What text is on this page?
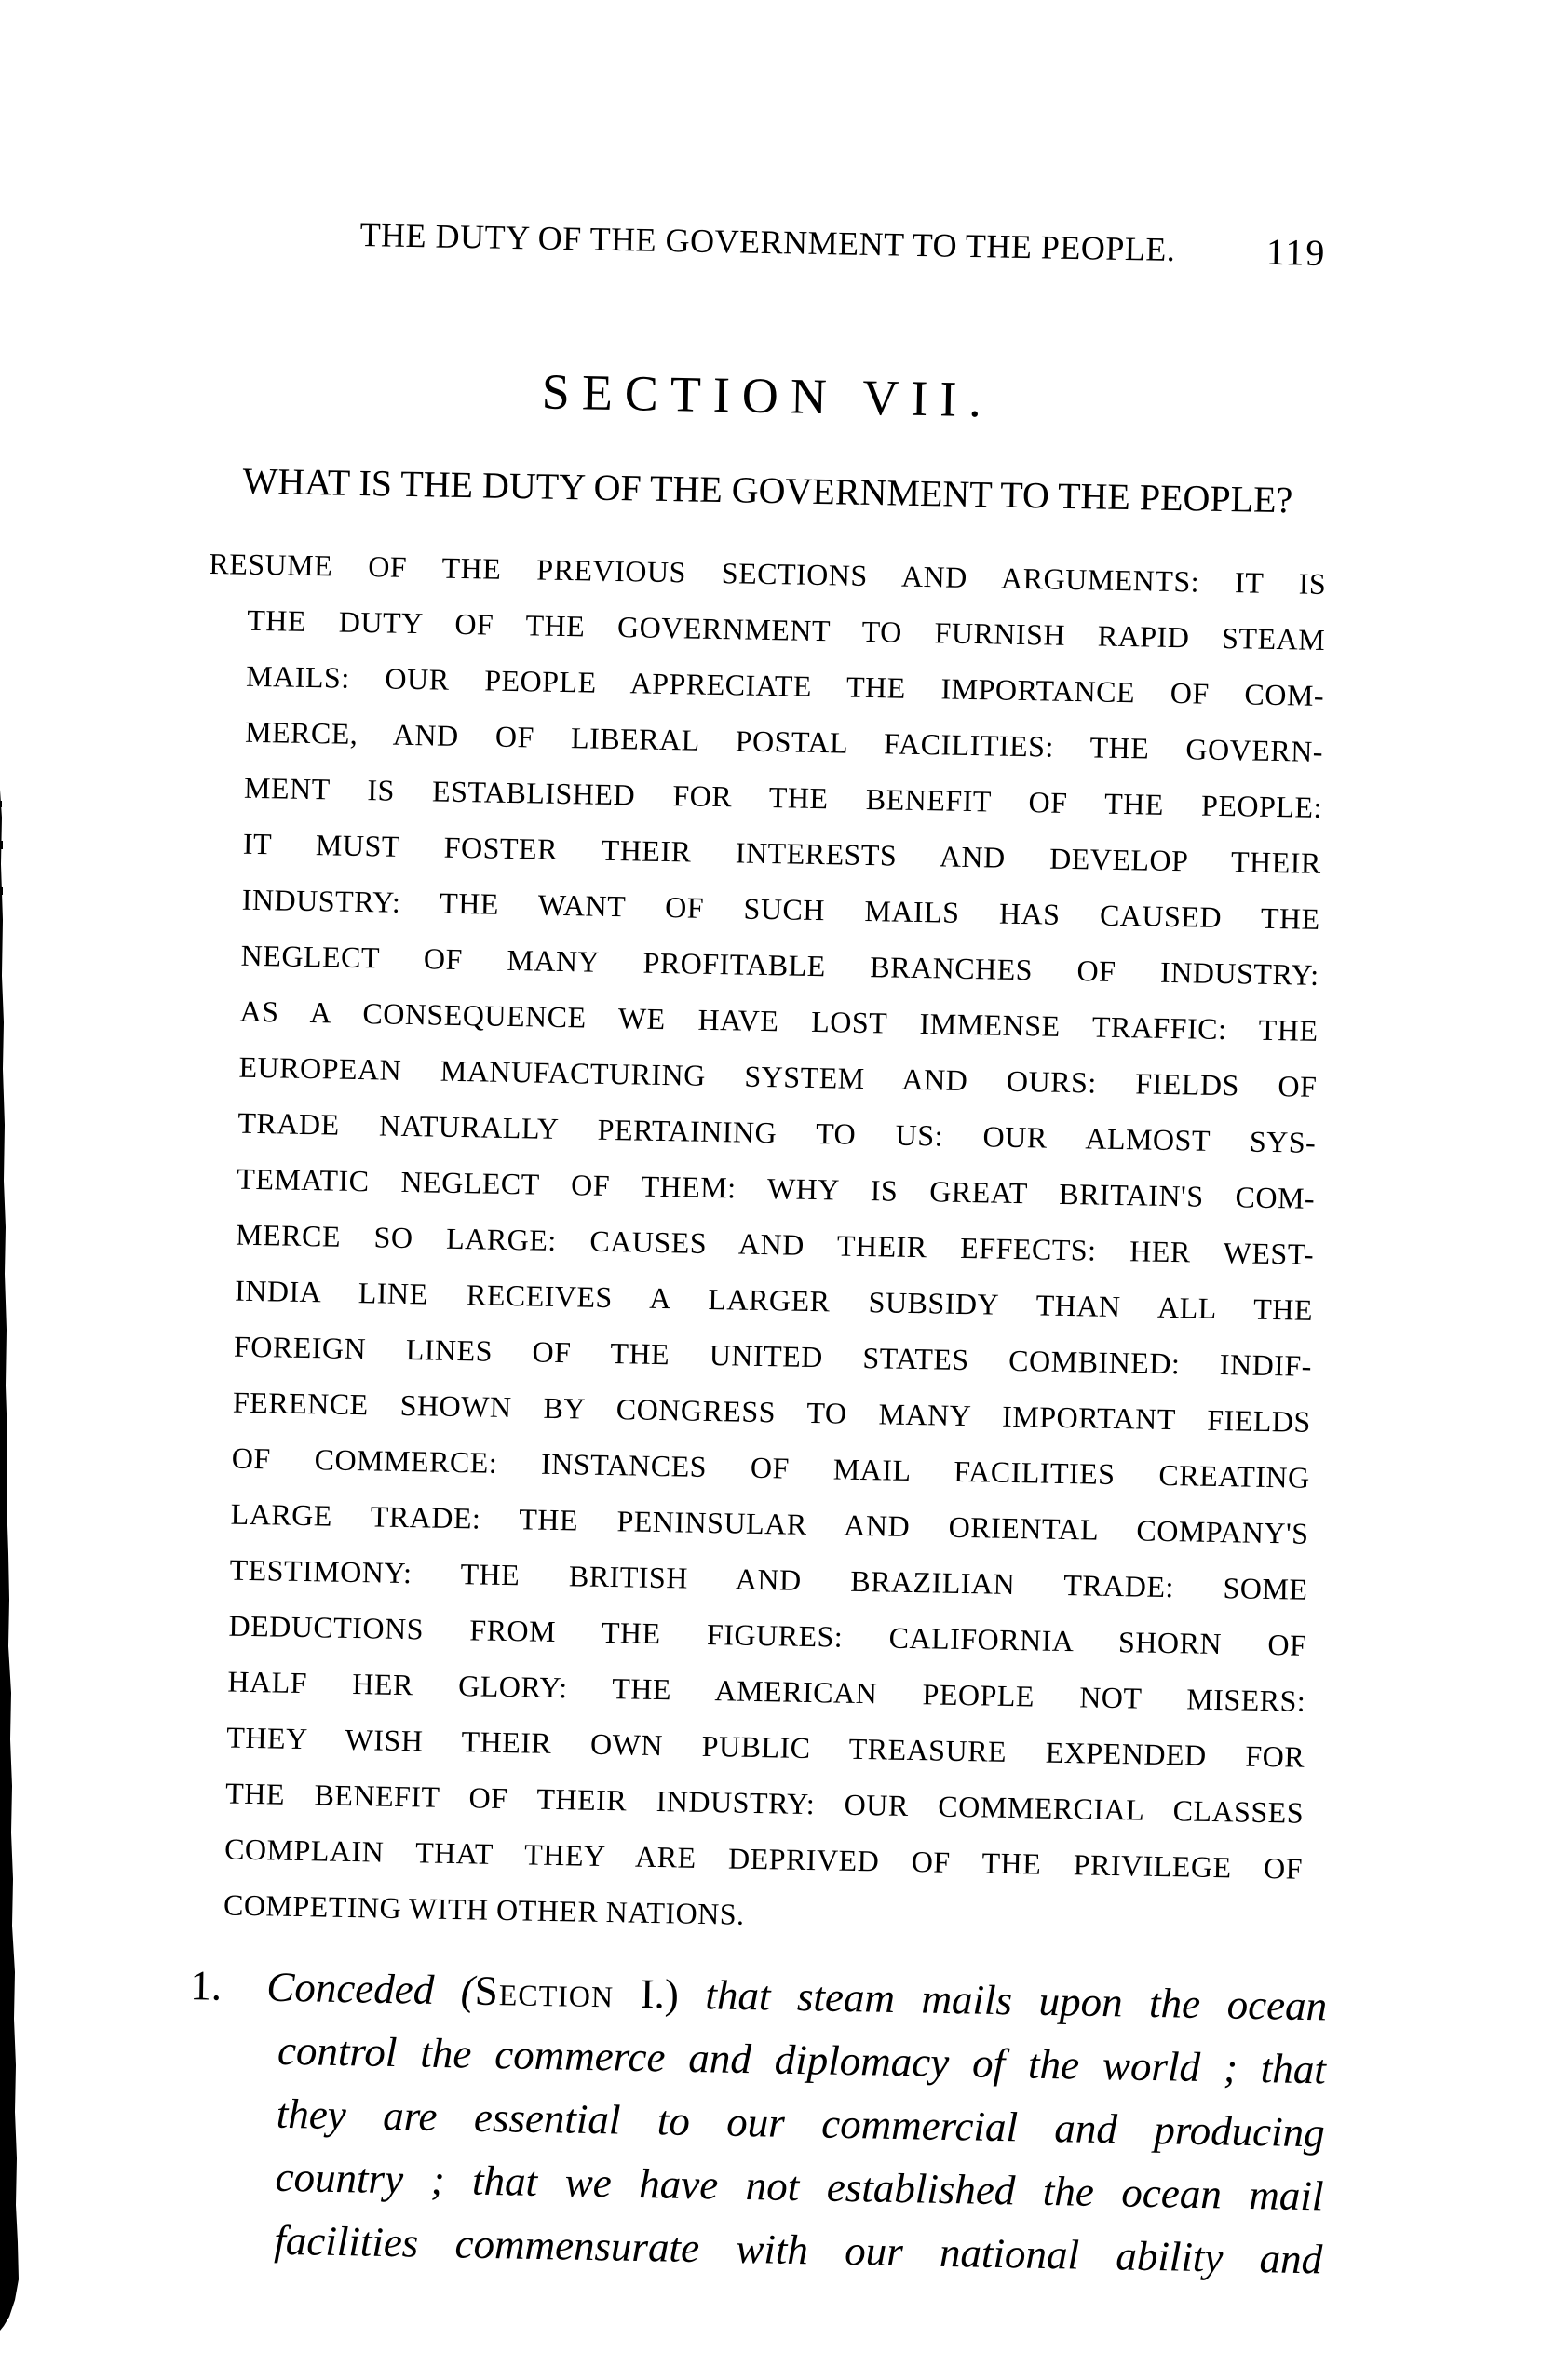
THE DUTY OF THE GOVERNMENT TO THE PEOPLE. 119
SECTION VII.
WHAT IS THE DUTY OF THE GOVERNMENT TO THE PEOPLE?
RESUME OF THE PREVIOUS SECTIONS AND ARGUMENTS: IT IS
THE DUTY OF THE GOVERNMENT TO FURNISH RAPID STEAM
MAILS: OUR PEOPLE APPRECIATE THE IMPORTANCE OF COM-
MERCE, AND OF LIBERAL POSTAL FACILITIES: THE GOVERN-
MENT IS ESTABLISHED FOR THE BENEFIT OF THE PEOPLE:
IT MUST FOSTER THEIR INTERESTS AND DEVELOP THEIR
INDUSTRY: THE WANT OF SUCH MAILS HAS CAUSED THE
NEGLECT OF MANY PROFITABLE BRANCHES OF INDUSTRY:
AS A CONSEQUENCE WE HAVE LOST IMMENSE TRAFFIC: THE
EUROPEAN MANUFACTURING SYSTEM AND OURS: FIELDS OF
TRADE NATURALLY PERTAINING TO US: OUR ALMOST SYS-
TEMATIC NEGLECT OF THEM: WHY IS GREAT BRITAIN'S COM-
MERCE SO LARGE: CAUSES AND THEIR EFFECTS: HER WEST-
INDIA LINE RECEIVES A LARGER SUBSIDY THAN ALL THE
FOREIGN LINES OF THE UNITED STATES COMBINED: INDIF-
FERENCE SHOWN BY CONGRESS TO MANY IMPORTANT FIELDS
OF COMMERCE: INSTANCES OF MAIL FACILITIES CREATING
LARGE TRADE: THE PENINSULAR AND ORIENTAL COMPANY'S
TESTIMONY: THE BRITISH AND BRAZILIAN TRADE: SOME
DEDUCTIONS FROM THE FIGURES: CALIFORNIA SHORN OF
HALF HER GLORY: THE AMERICAN PEOPLE NOT MISERS:
THEY WISH THEIR OWN PUBLIC TREASURE EXPENDED FOR
THE BENEFIT OF THEIR INDUSTRY: OUR COMMERCIAL CLASSES
COMPLAIN THAT THEY ARE DEPRIVED OF THE PRIVILEGE OF
COMPETING WITH OTHER NATIONS.
1. Conceded (Section I.) that steam mails upon the ocean
control the commerce and diplomacy of the world ; that
they are essential to our commercial and producing
country ; that we have not established the ocean mail
facilities commensurate with our national ability and
